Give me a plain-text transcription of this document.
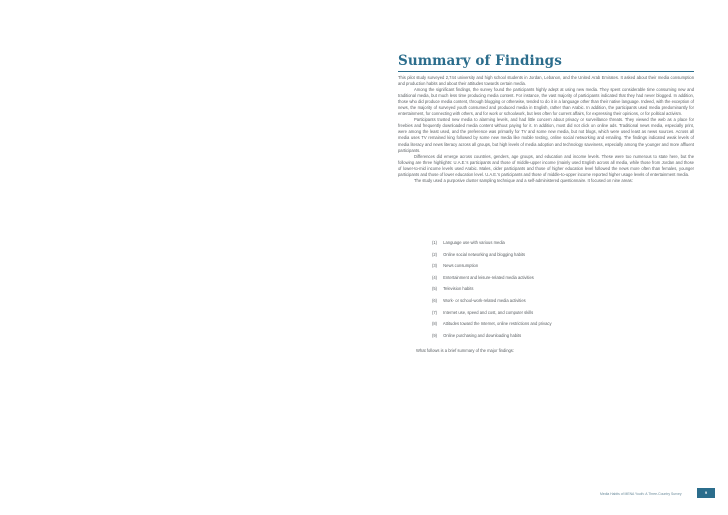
Summary of Findings

This pilot study surveyed 2,744 university and high school students in Jordan, Lebanon, and the United Arab Emirates. It asked about their media consumption and production habits and about their attitudes towards certain media.

Among the significant findings, the survey found the participants highly adept at using new media. They spent considerable time consuming new and traditional media, but much less time producing media content. For instance, the vast majority of participants indicated that they had never blogged. In addition, those who did produce media content, through blogging or otherwise, tended to do it in a language other than their native language. Indeed, with the exception of news, the majority of surveyed youth consumed and produced media in English, rather than Arabic. In addition, the participants used media predominantly for entertainment, for connecting with others, and for work or schoolwork, but less often for current affairs, for expressing their opinions, or for political activism.

Participants trusted new media to alarming levels, and had little concern about privacy or surveillance threats. They viewed the web as a place for freebies and frequently downloaded media content without paying for it. In addition, most did not click on online ads. Traditional news media, especially print, were among the least used, and the preference was primarily for TV and some new media, but not blogs, which were used least as news sources. Across all media uses TV remained king followed by some new media like mobile texting, online social networking and emailing. The findings indicated weak levels of media literacy and news literacy across all groups, but high levels of media adoption and technology savviness, especially among the younger and more affluent participants.

Differences did emerge across countries, genders, age groups, and education and income levels. These were too numerous to state here, but the following are three highlights: U.A.E.'s participants and those of middle-upper income (mainly used English across all media, while those from Jordan and those of lower-to-mid income levels used Arabic. Males, older participants and those of higher education level followed the news more often than females, younger participants and those of lower education level. U.A.E.'s participants and those of middle-to-upper income reported higher usage levels of entertainment media.

The study used a purposive cluster sampling technique and a self-administered questionnaire. It focused on nine areas:

(1) Language use with various media
(2) Online social networking and blogging habits
(3) News consumption
(4) Entertainment and leisure-related media activities
(5) Television habits
(6) Work- or school-work-related media activities
(7) Internet use, speed and cost, and computer skills
(8) Attitudes toward the Internet, online restrictions and privacy
(9) Online purchasing and downloading habits
What follows is a brief summary of the major findings:
Media Habits of MENA Youth: A Three-Country Survey	9
